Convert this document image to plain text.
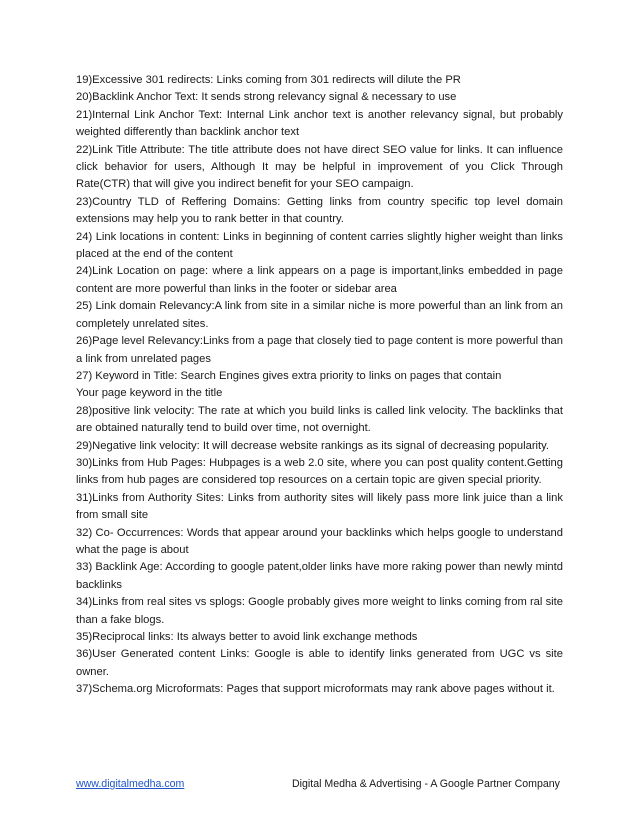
19)Excessive 301 redirects: Links coming from 301 redirects will dilute the PR

20)Backlink Anchor Text: It sends strong relevancy signal & necessary to use

21)Internal Link Anchor Text: Internal Link anchor text is another relevancy signal, but probably weighted differently than backlink anchor text

22)Link Title Attribute: The title attribute does not have direct SEO value for links. It can influence click behavior for users, Although It may be helpful in improvement of you Click Through Rate(CTR) that will give you indirect benefit for your SEO campaign.

23)Country TLD of Reffering Domains: Getting links from country specific top level domain extensions may help you to rank better in that country.

24) Link locations in content: Links in beginning of content carries slightly higher weight than links placed at the end of the content

24)Link Location on page: where a link appears on a page is important,links embedded in page content are more powerful than links in the footer or sidebar area

25) Link domain Relevancy:A link from site in a similar niche is more powerful than an link from an completely unrelated sites.

26)Page level Relevancy:Links from a page that closely tied to page content is more powerful than a link from unrelated pages

27) Keyword in Title: Search Engines gives extra priority to links on pages that contain

Your page keyword in the title

28)positive link velocity: The rate at which you build links is called link velocity. The backlinks that are obtained naturally tend to build over time, not overnight.

29)Negative link velocity: It will decrease website rankings as its signal of decreasing popularity.

30)Links from Hub Pages: Hubpages is a web 2.0 site, where you can post quality content.Getting links from hub pages are considered top resources on a certain topic are given special priority.

31)Links from Authority Sites: Links from authority sites will likely pass more link juice than a link from small site

32) Co- Occurrences: Words that appear around your backlinks which helps google to understand what the page is about

33) Backlink Age: According to google patent,older links have more raking power than newly mintd backlinks

34)Links from real sites vs splogs: Google probably gives more weight to links coming from ral site than a fake blogs.

35)Reciprocal links: Its always better to avoid link exchange methods

36)User Generated content Links: Google is able to identify links generated from UGC vs site owner.

37)Schema.org Microformats: Pages that support microformats may rank above pages without it.

www.digitalmedha.com	Digital Medha & Advertising - A Google Partner Company
